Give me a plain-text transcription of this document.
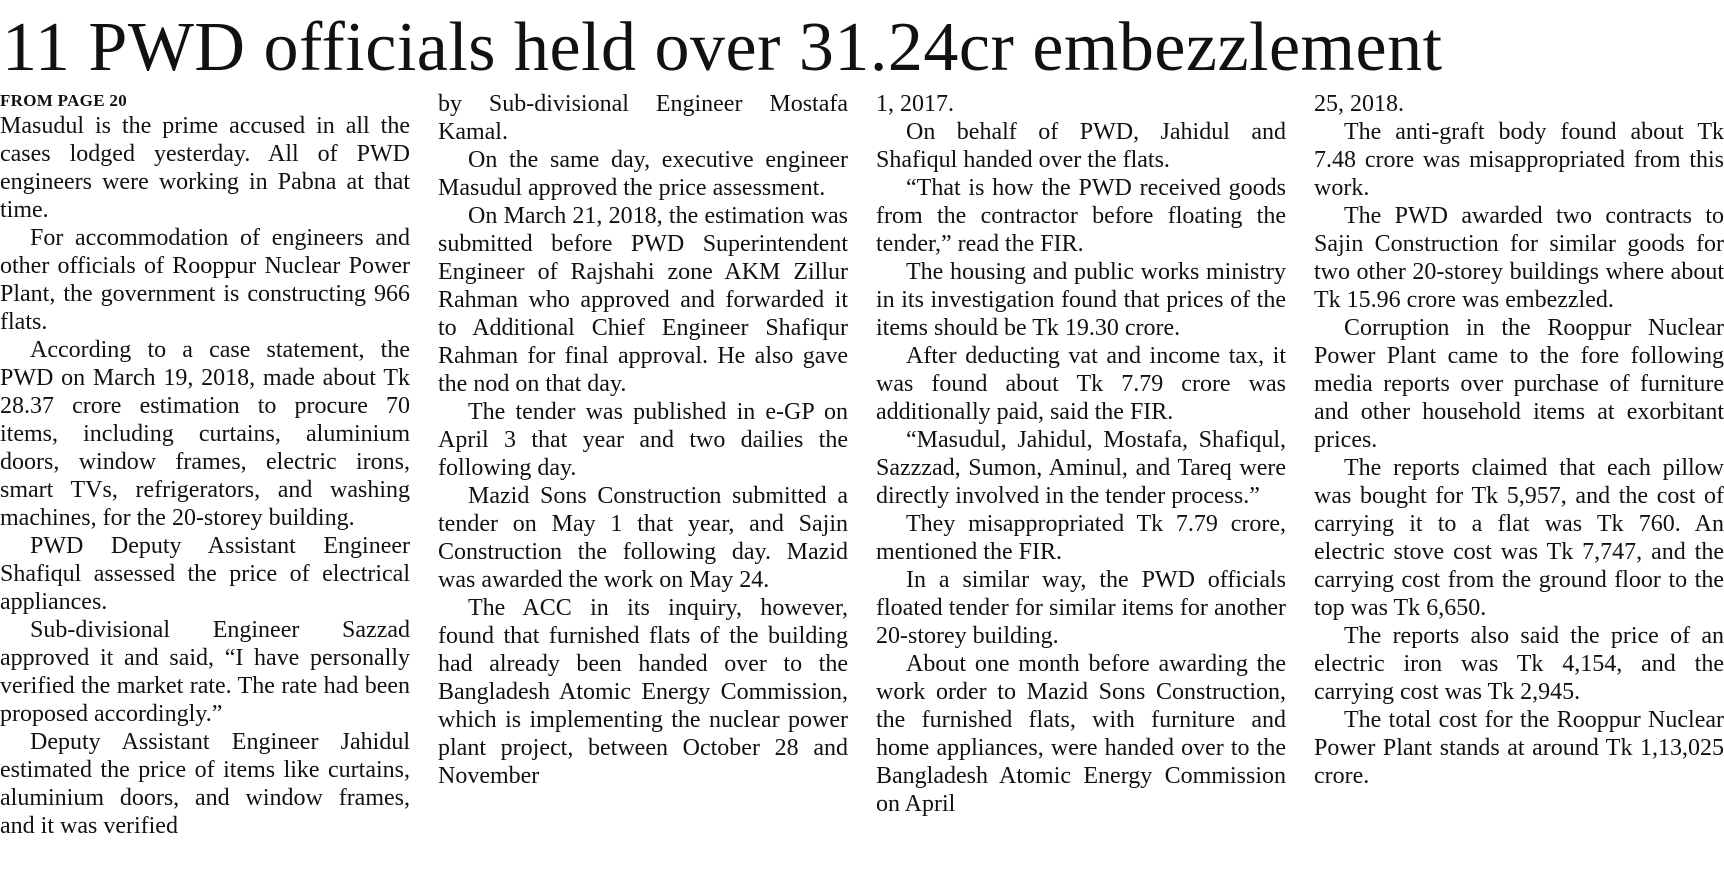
11 PWD officials held over 31.24cr embezzlement
FROM PAGE 20

Masudul is the prime accused in all the cases lodged yesterday. All of PWD engineers were working in Pabna at that time.

For accommodation of engineers and other officials of Rooppur Nuclear Power Plant, the government is constructing 966 flats.

According to a case statement, the PWD on March 19, 2018, made about Tk 28.37 crore estimation to procure 70 items, including curtains, aluminium doors, window frames, electric irons, smart TVs, refrigerators, and washing machines, for the 20-storey building.

PWD Deputy Assistant Engineer Shafiqul assessed the price of electrical appliances.

Sub-divisional Engineer Sazzad approved it and said, “I have personally verified the market rate. The rate had been proposed accordingly.”

Deputy Assistant Engineer Jahidul estimated the price of items like curtains, aluminium doors, and window frames, and it was verified

by Sub-divisional Engineer Mostafa Kamal.

On the same day, executive engineer Masudul approved the price assessment.

On March 21, 2018, the estimation was submitted before PWD Superintendent Engineer of Rajshahi zone AKM Zillur Rahman who approved and forwarded it to Additional Chief Engineer Shafiqur Rahman for final approval. He also gave the nod on that day.

The tender was published in e-GP on April 3 that year and two dailies the following day.

Mazid Sons Construction submitted a tender on May 1 that year, and Sajin Construction the following day. Mazid was awarded the work on May 24.

The ACC in its inquiry, however, found that furnished flats of the building had already been handed over to the Bangladesh Atomic Energy Commission, which is implementing the nuclear power plant project, between October 28 and November

1, 2017.

On behalf of PWD, Jahidul and Shafiqul handed over the flats.

“That is how the PWD received goods from the contractor before floating the tender,” read the FIR.

The housing and public works ministry in its investigation found that prices of the items should be Tk 19.30 crore.

After deducting vat and income tax, it was found about Tk 7.79 crore was additionally paid, said the FIR.

“Masudul, Jahidul, Mostafa, Shafiqul, Sazzzad, Sumon, Aminul, and Tareq were directly involved in the tender process.”

They misappropriated Tk 7.79 crore, mentioned the FIR.

In a similar way, the PWD officials floated tender for similar items for another 20-storey building.

About one month before awarding the work order to Mazid Sons Construction, the furnished flats, with furniture and home appliances, were handed over to the Bangladesh Atomic Energy Commission on April

25, 2018.

The anti-graft body found about Tk 7.48 crore was misappropriated from this work.

The PWD awarded two contracts to Sajin Construction for similar goods for two other 20-storey buildings where about Tk 15.96 crore was embezzled.

Corruption in the Rooppur Nuclear Power Plant came to the fore following media reports over purchase of furniture and other household items at exorbitant prices.

The reports claimed that each pillow was bought for Tk 5,957, and the cost of carrying it to a flat was Tk 760. An electric stove cost was Tk 7,747, and the carrying cost from the ground floor to the top was Tk 6,650.

The reports also said the price of an electric iron was Tk 4,154, and the carrying cost was Tk 2,945.

The total cost for the Rooppur Nuclear Power Plant stands at around Tk 1,13,025 crore.
